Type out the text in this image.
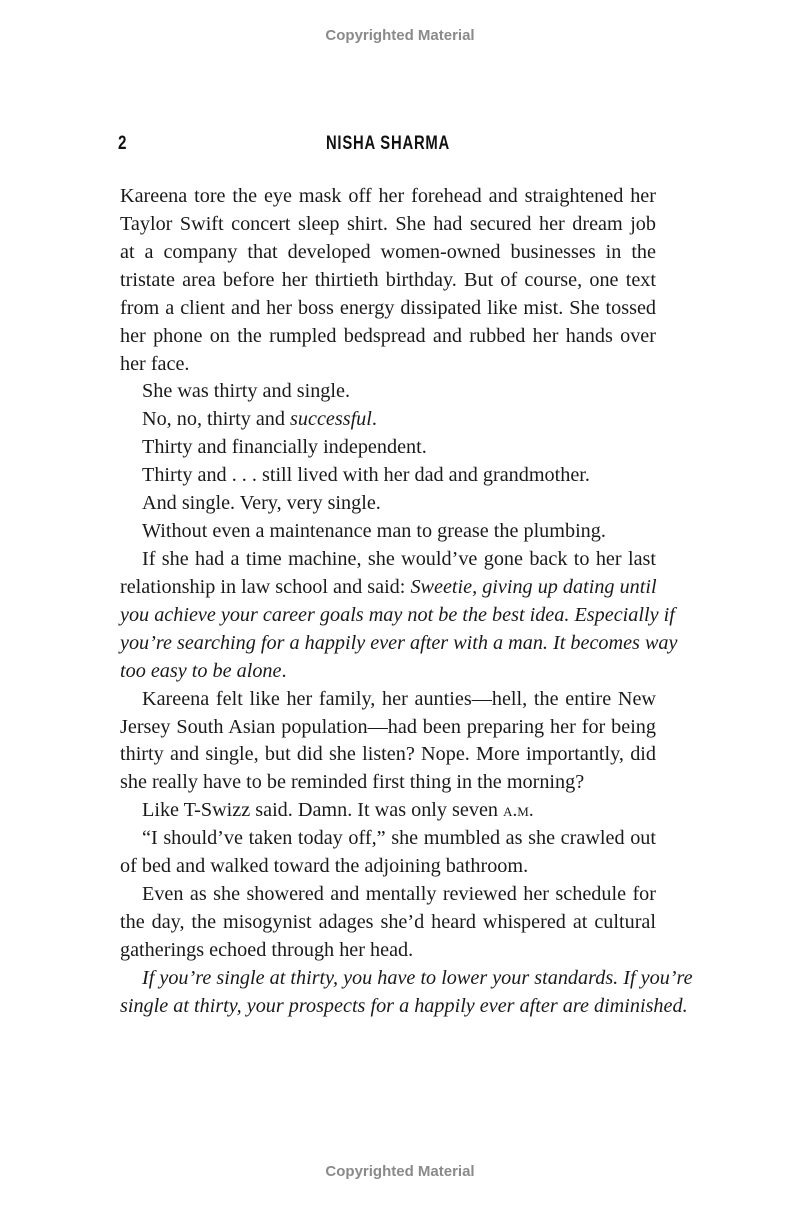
Copyrighted Material
2	NISHA SHARMA
Kareena tore the eye mask off her forehead and straightened her
Taylor Swift concert sleep shirt. She had secured her dream job
at a company that developed women-owned businesses in the
tristate area before her thirtieth birthday. But of course, one text
from a client and her boss energy dissipated like mist. She tossed
her phone on the rumpled bedspread and rubbed her hands over
her face.
She was thirty and single.
No, no, thirty and successful.
Thirty and financially independent.
Thirty and . . . still lived with her dad and grandmother.
And single. Very, very single.
Without even a maintenance man to grease the plumbing.
If she had a time machine, she would’ve gone back to her last
relationship in law school and said: Sweetie, giving up dating until
you achieve your career goals may not be the best idea. Especially if
you’re searching for a happily ever after with a man. It becomes way
too easy to be alone.
Kareena felt like her family, her aunties—hell, the entire New
Jersey South Asian population—had been preparing her for being
thirty and single, but did she listen? Nope. More importantly, did
she really have to be reminded first thing in the morning?
Like T-Swizz said. Damn. It was only seven a.m.
“I should’ve taken today off,” she mumbled as she crawled out
of bed and walked toward the adjoining bathroom.
Even as she showered and mentally reviewed her schedule for
the day, the misogynist adages she’d heard whispered at cultural
gatherings echoed through her head.
If you’re single at thirty, you have to lower your standards. If you’re
single at thirty, your prospects for a happily ever after are diminished.
Copyrighted Material
